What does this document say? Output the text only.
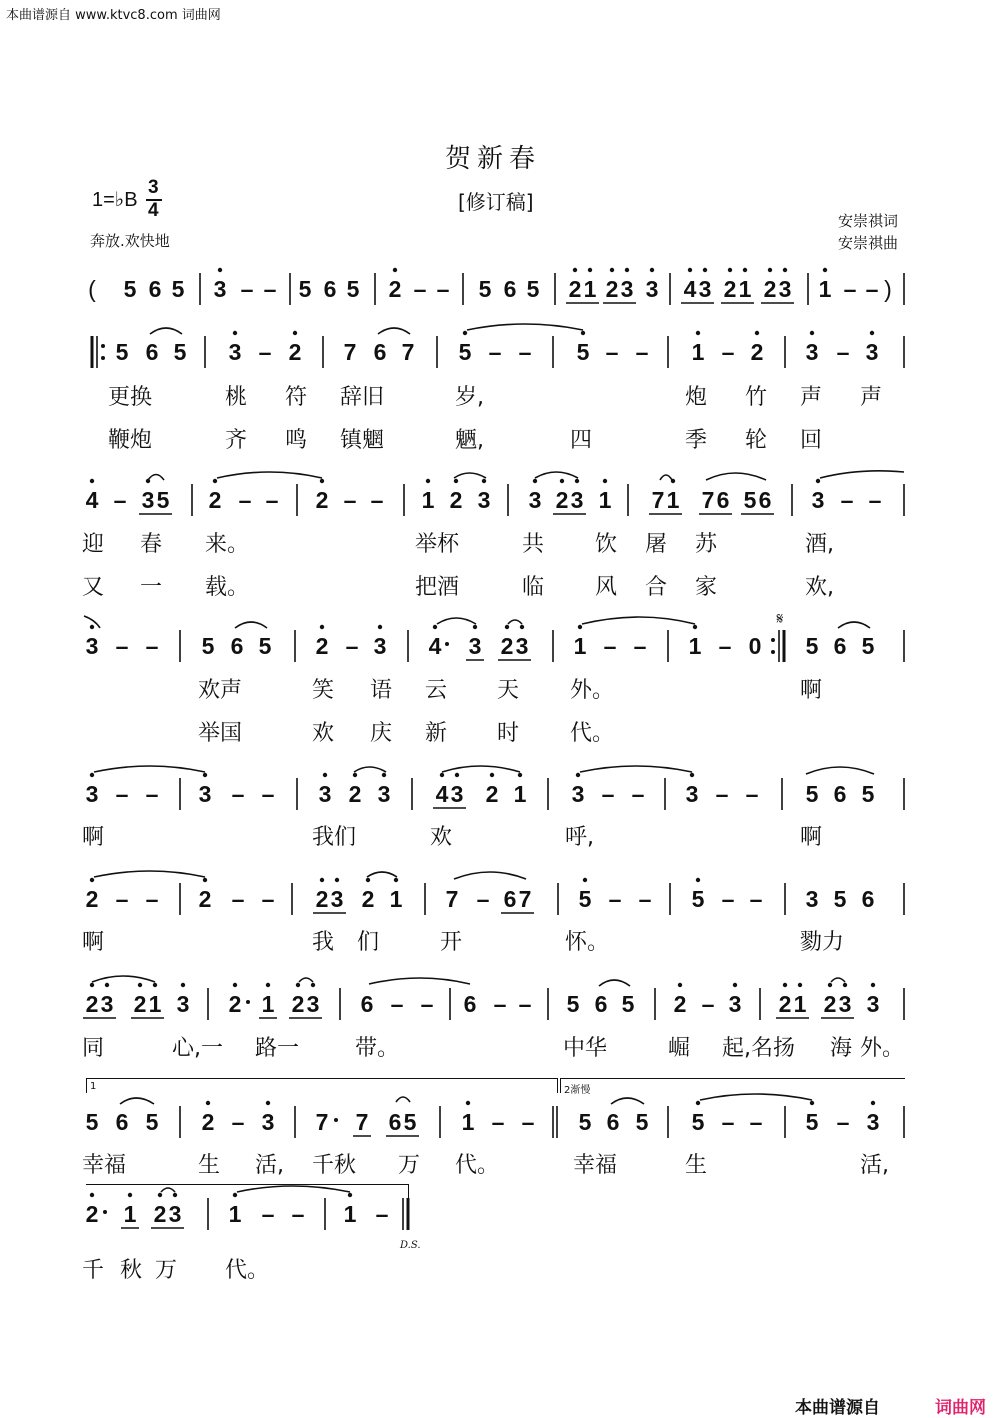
本曲谱源自 www.ktvc8.com 词曲网
贺新春
[修订稿]
1=♭B
3
4
奔放.欢快地
安崇祺词
安崇祺曲
( 5 6 5 3 – – 5 6 5 2 – – 5 6 5 2 1 2 3 3 4 3 2 1 2 3 1 – – )
5 6 5 3 – 2 7 6 7 5 – – 5 – – 1 – 2 3 – 3
更换	桃 符 辞旧	岁,	炮 竹 声 声
鞭炮	齐 鸣 镇魍	魉,	四	季 轮 回
4 – 3 5 2 – – 2 – – 1 2 3 3 2 3 1 7 1 7 6 5 6 3 – –
迎 春 来。	举杯	共 饮 屠 苏	酒,
又 一 载。	把酒	临 风 合 家	欢,
3 – – 5 6 5 2 – 3 4 3 2 3 1 – – 1 – 0
𝄋
5 6 5
欢声	笑 语 云 天 外。	啊
举国	欢 庆 新 时 代。
3 – – 3 – – 3 2 3 4 3 2 1 3 – – 3 – – 5 6 5
啊	我们	欢	呼,	啊
2 – – 2 – – 2 3 2 1 7 – 6 7 5 – – 5 – – 3 5 6
啊	我 们	开	怀。	勠力
2 3 2 1 3 2 1 2 3 6 – – 6 – – 5 6 5 2 – 3 2 1 2 3 3
同	心,一 路一	带。	中华	崛 起,名扬 海 外。
1	2渐慢
5 6 5 2 – 3 7 7 6 5 1 – – 5 6 5 5 – – 5 – 3
幸福	生 活, 千秋 万 代。	幸福	生	活,
2 1 2 3 1 – – 1 –
D.S.
千 秋 万 代。
本曲谱源自	词曲网
